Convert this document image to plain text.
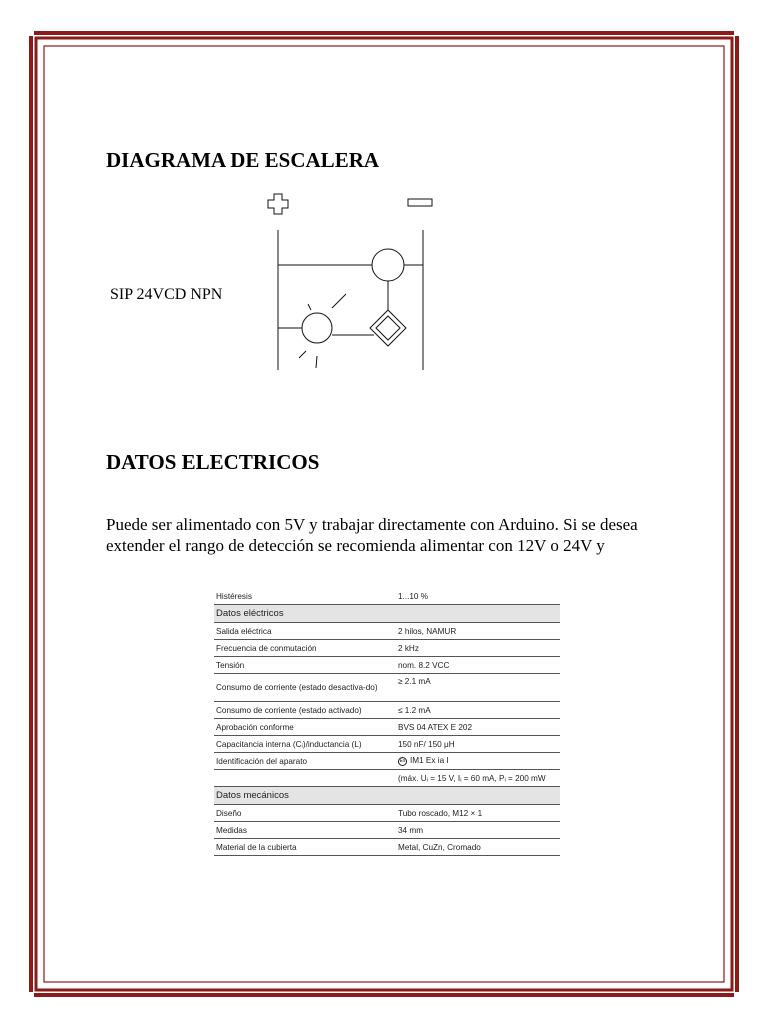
DIAGRAMA DE ESCALERA
SIP 24VCD NPN
DATOS ELECTRICOS

Puede ser alimentado con 5V y trabajar directamente con Arduino. Si se desea
extender el rango de detección se recomienda alimentar con 12V o 24V y

Histéresis	1...10 %
Datos eléctricos	
Salida eléctrica	2 hilos, NAMUR
Frecuencia de conmutación	2 kHz
Tensión	nom. 8.2 VCC
Consumo de corriente (estado desactiva-do)	≥ 2.1 mA
Consumo de corriente (estado activado)	≤ 1.2 mA
Aprobación conforme	BVS 04 ATEX E 202
Capacitancia interna (Cᵢ)/inductancia (L)	150 nF/ 150 μH
Identificación del aparato	Ex IM1 Ex ia I
	(máx. Uᵢ = 15 V, Iᵢ = 60 mA, Pᵢ = 200 mW
Datos mecánicos	
Diseño	Tubo roscado, M12 × 1
Medidas	34 mm
Material de la cubierta	Metal, CuZn, Cromado
